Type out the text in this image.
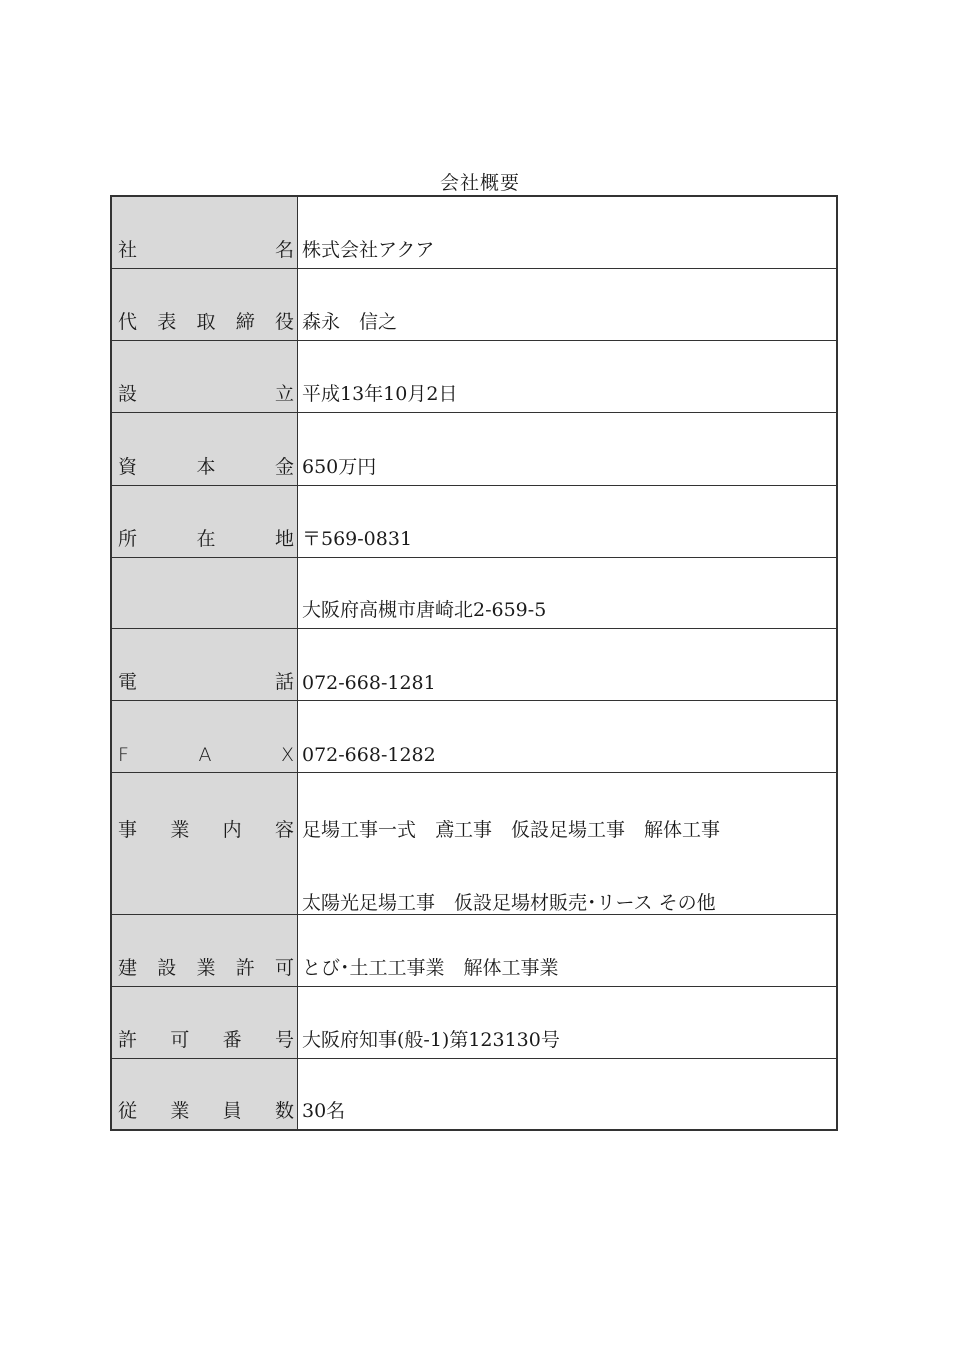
会社概要
社	名 株式会社アクア
代 表 取 締 役 森永　信之
設	立 平成13年10月2日
資	本	金 650万円
所	在	地 〒569-0831
大阪府高槻市唐崎北2-659-5
電	話 072-668-1281
F	A	X 072-668-1282
事 業 内 容 足場工事一式　鳶工事　仮設足場工事　解体工事
太陽光足場工事　仮設足場材販売･リース その他
建 設 業 許 可 とび･土工工事業　解体工事業
許 可 番 号 大阪府知事(般-1)第123130号
従 業 員 数 30名
